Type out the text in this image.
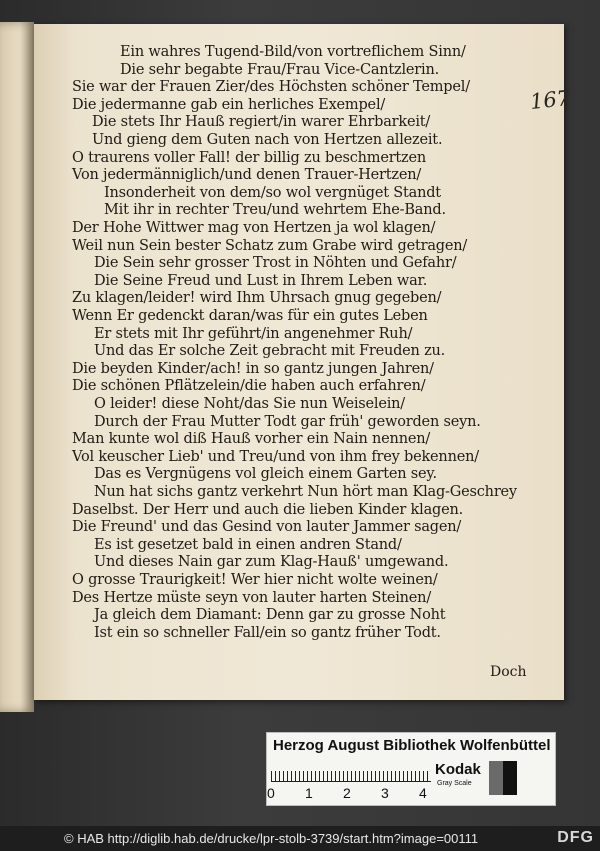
167
Ein wahres Tugend-Bild/von vortreflichem Sinn/
Die sehr begabte Frau/Frau Vice-Cantzlerin.
Sie war der Frauen Zier/des Höchsten schöner Tempel/
Die jedermanne gab ein herliches Exempel/
Die stets Ihr Hauß regiert/in warer Ehrbarkeit/
Und gieng dem Guten nach von Hertzen allezeit.
O traurens voller Fall! der billig zu beschmertzen
Von jedermänniglich/und denen Trauer-Hertzen/
Insonderheit von dem/so wol vergnüget Standt
Mit ihr in rechter Treu/und wehrtem Ehe-Band.
Der Hohe Wittwer mag von Hertzen ja wol klagen/
Weil nun Sein bester Schatz zum Grabe wird getragen/
Die Sein sehr grosser Trost in Nöhten und Gefahr/
Die Seine Freud und Lust in Ihrem Leben war.
Zu klagen/leider! wird Ihm Uhrsach gnug gegeben/
Wenn Er gedenckt daran/was für ein gutes Leben
Er stets mit Ihr geführt/in angenehmer Ruh/
Und das Er solche Zeit gebracht mit Freuden zu.
Die beyden Kinder/ach! in so gantz jungen Jahren/
Die schönen Pflätzelein/die haben auch erfahren/
O leider! diese Noht/das Sie nun Weiselein/
Durch der Frau Mutter Todt gar früh' geworden seyn.
Man kunte wol diß Hauß vorher ein Nain nennen/
Vol keuscher Lieb' und Treu/und von ihm frey bekennen/
Das es Vergnügens vol gleich einem Garten sey.
Nun hat sichs gantz verkehrt Nun hört man Klag-Geschrey
Daselbst. Der Herr und auch die lieben Kinder klagen.
Die Freund' und das Gesind von lauter Jammer sagen/
Es ist gesetzet bald in einen andren Stand/
Und dieses Nain gar zum Klag-Hauß' umgewand.
O grosse Traurigkeit! Wer hier nicht wolte weinen/
Des Hertze müste seyn von lauter harten Steinen/
Ja gleich dem Diamant: Denn gar zu grosse Noht
Ist ein so schneller Fall/ein so gantz früher Todt.
Doch
Herzog August Bibliothek Wolfenbüttel
0 1 2 3 4
Kodak
Gray Scale
© HAB http://diglib.hab.de/drucke/lpr-stolb-3739/start.htm?image=00111	DFG
